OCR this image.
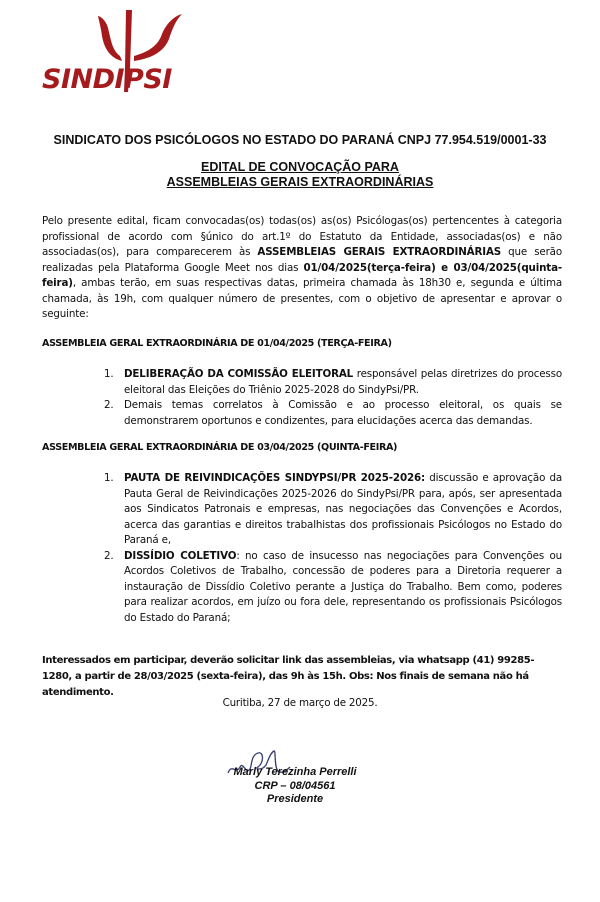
SINDIPSI
SINDICATO DOS PSICÓLOGOS NO ESTADO DO PARANÁ CNPJ 77.954.519/0001-33
EDITAL DE CONVOCAÇÃO PARA
ASSEMBLEIAS GERAIS EXTRAORDINÁRIAS
Pelo presente edital, ficam convocadas(os) todas(os) as(os) Psicólogas(os) pertencentes à categoria profissional de acordo com §único do art.1º do Estatuto da Entidade, associadas(os) e não associadas(os), para comparecerem às ASSEMBLEIAS GERAIS EXTRAORDINÁRIAS que serão realizadas pela Plataforma Google Meet nos dias 01/04/2025(terça-feira) e 03/04/2025(quinta-feira), ambas terão, em suas respectivas datas, primeira chamada às 18h30 e, segunda e última chamada, às 19h, com qualquer número de presentes, com o objetivo de apresentar e aprovar o seguinte:
ASSEMBLEIA GERAL EXTRAORDINÁRIA DE 01/04/2025 (TERÇA-FEIRA)
1. DELIBERAÇÃO DA COMISSÃO ELEITORAL responsável pelas diretrizes do processo eleitoral das Eleições do Triênio 2025-2028 do SindyPsi/PR.
2. Demais temas correlatos à Comissão e ao processo eleitoral, os quais se demonstrarem oportunos e condizentes, para elucidações acerca das demandas.
ASSEMBLEIA GERAL EXTRAORDINÁRIA DE 03/04/2025 (QUINTA-FEIRA)
1. PAUTA DE REIVINDICAÇÕES SINDYPSI/PR 2025-2026: discussão e aprovação da Pauta Geral de Reivindicações 2025-2026 do SindyPsi/PR para, após, ser apresentada aos Sindicatos Patronais e empresas, nas negociações das Convenções e Acordos, acerca das garantias e direitos trabalhistas dos profissionais Psicólogos no Estado do Paraná e,
2. DISSÍDIO COLETIVO: no caso de insucesso nas negociações para Convenções ou Acordos Coletivos de Trabalho, concessão de poderes para a Diretoria requerer a instauração de Dissídio Coletivo perante a Justiça do Trabalho. Bem como, poderes para realizar acordos, em juízo ou fora dele, representando os profissionais Psicólogos do Estado do Paraná;
Interessados em participar, deverão solicitar link das assembleias, via whatsapp (41) 99285-1280, a partir de 28/03/2025 (sexta-feira), das 9h às 15h. Obs: Nos finais de semana não há atendimento.
Curitiba, 27 de março de 2025.
Marly Terezinha Perrelli
CRP – 08/04561
Presidente
